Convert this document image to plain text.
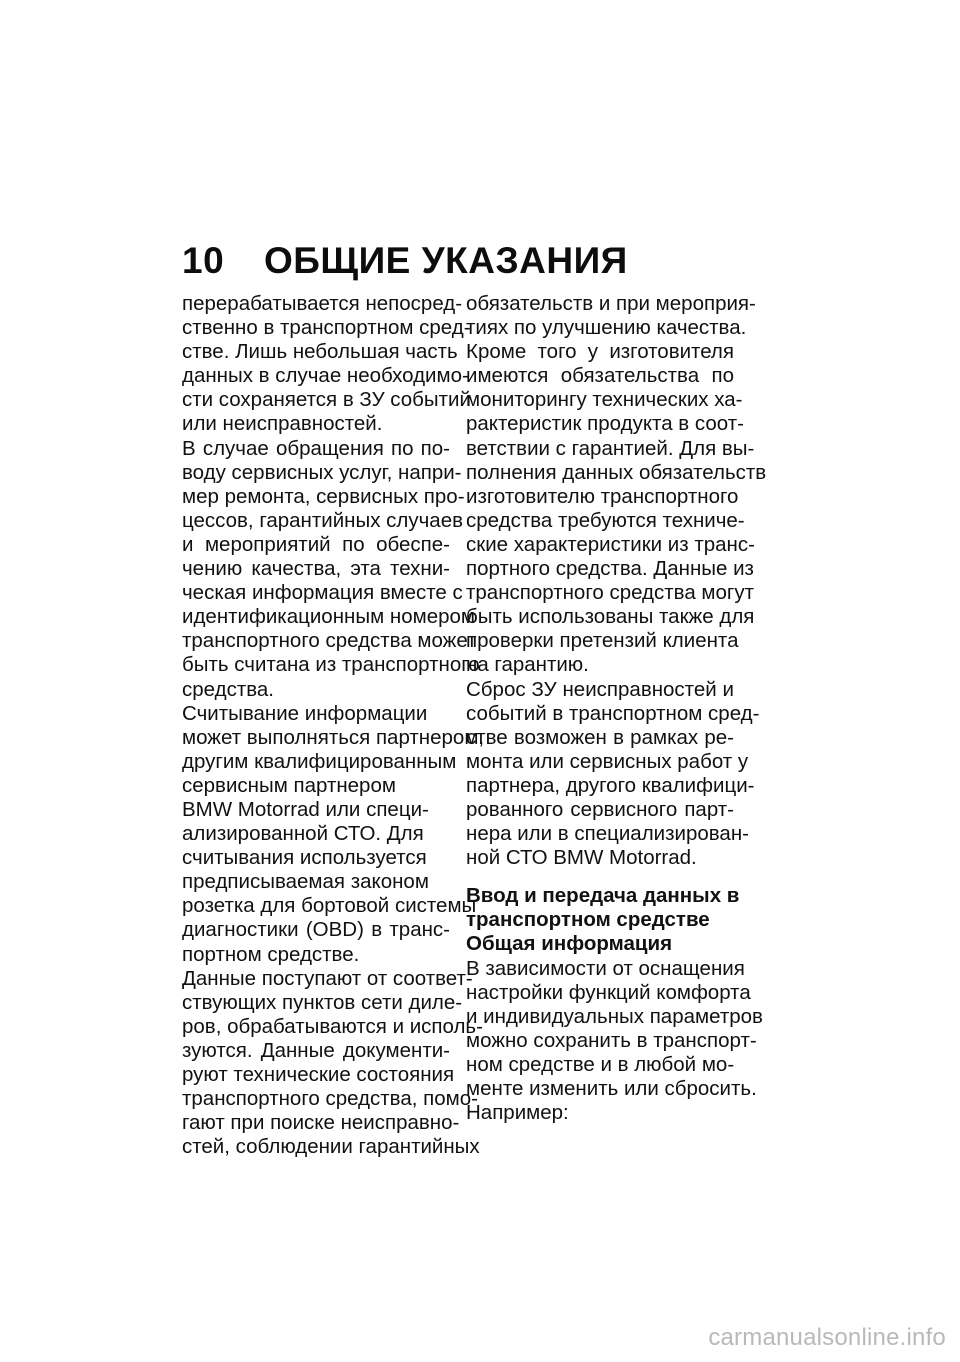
10	ОБЩИЕ УКАЗАНИЯ
перерабатывается непосред-
ственно в транспортном сред-
стве. Лишь небольшая часть
данных в случае необходимо-
сти сохраняется в ЗУ событий
или неисправностей.
В случае обращения по по-
воду сервисных услуг, напри-
мер ремонта, сервисных про-
цессов, гарантийных случаев
и мероприятий по обеспе-
чению качества, эта техни-
ческая информация вместе с
идентификационным номером
транспортного средства может
быть считана из транспортного
средства.
Считывание информации
может выполняться партнером,
другим квалифицированным
сервисным партнером
BMW Motorrad или специ-
ализированной СТО. Для
считывания используется
предписываемая законом
розетка для бортовой системы
диагностики (OBD) в транс-
портном средстве.
Данные поступают от соответ-
ствующих пунктов сети диле-
ров, обрабатываются и исполь-
зуются. Данные документи-
руют технические состояния
транспортного средства, помо-
гают при поиске неисправно-
стей, соблюдении гарантийных
обязательств и при мероприя-
тиях по улучшению качества.
Кроме того у изготовителя
имеются обязательства по
мониторингу технических ха-
рактеристик продукта в соот-
ветствии с гарантией. Для вы-
полнения данных обязательств
изготовителю транспортного
средства требуются техниче-
ские характеристики из транс-
портного средства. Данные из
транспортного средства могут
быть использованы также для
проверки претензий клиента
на гарантию.
Сброс ЗУ неисправностей и
событий в транспортном сред-
стве возможен в рамках ре-
монта или сервисных работ у
партнера, другого квалифици-
рованного сервисного парт-
нера или в специализирован-
ной СТО BMW Motorrad.
Ввод и передача данных в
транспортном средстве
Общая информация
В зависимости от оснащения
настройки функций комфорта
и индивидуальных параметров
можно сохранить в транспорт-
ном средстве и в любой мо-
менте изменить или сбросить.
Например:
carmanualsonline.info
